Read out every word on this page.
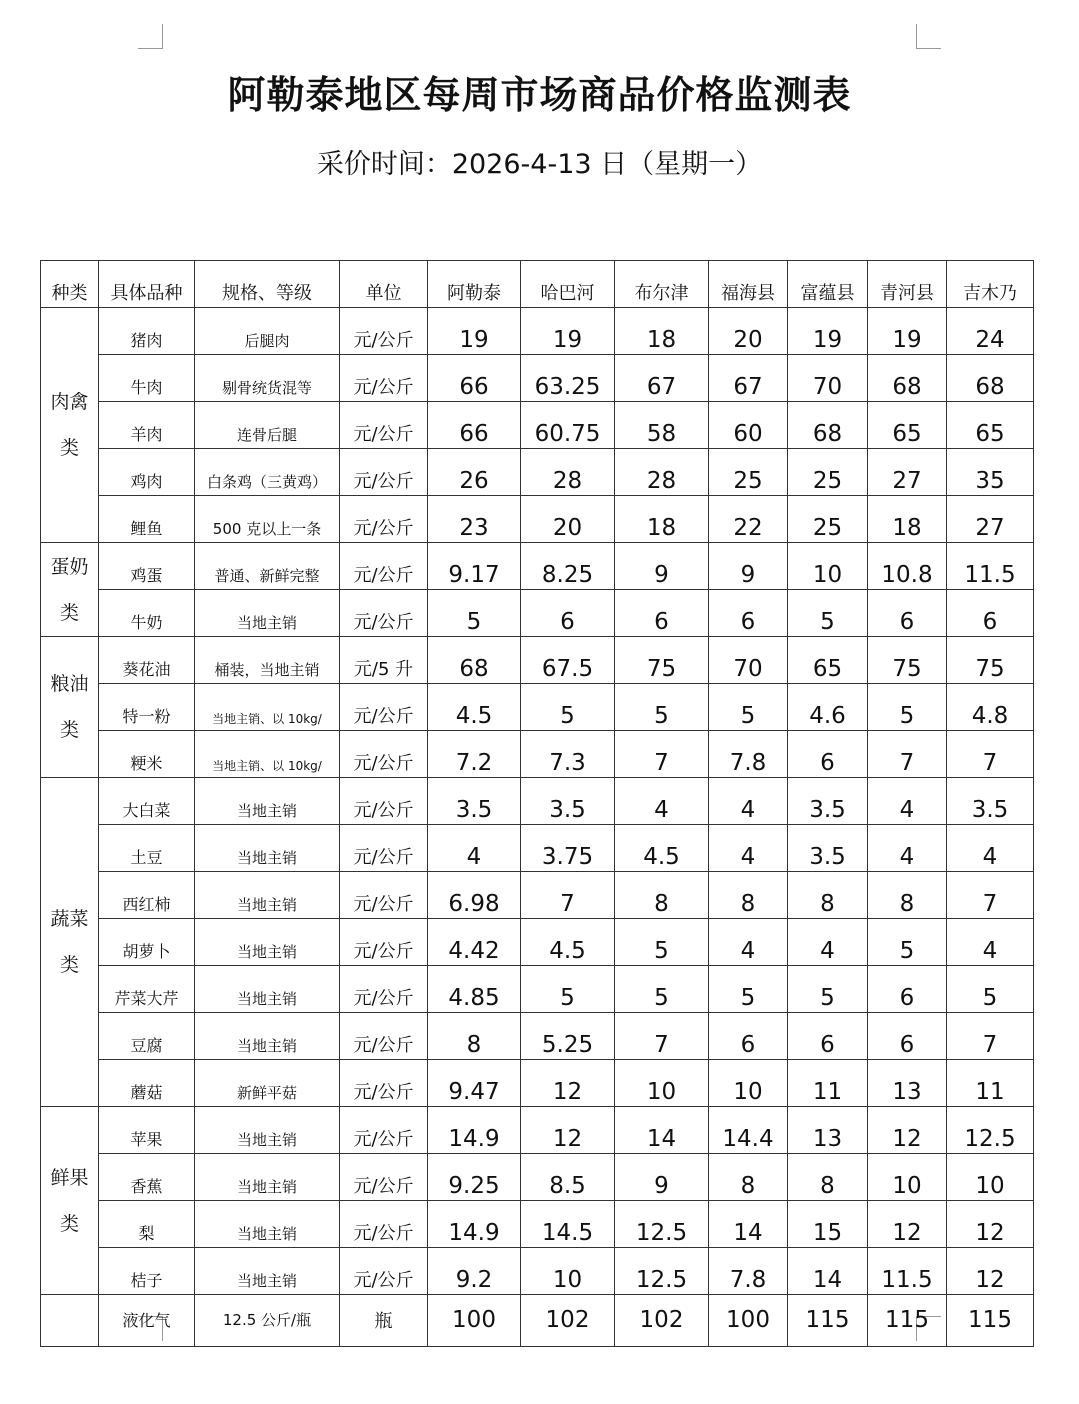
阿勒泰地区每周市场商品价格监测表
采价时间：2026-4-13 日（星期一）
种类	具体品种	规格、等级	单位	阿勒泰	哈巴河	布尔津	福海县	富蕴县	青河县	吉木乃
肉禽类	猪肉	后腿肉	元/公斤	19	19	18	20	19	19	24
	牛肉	剔骨统货混等	元/公斤	66	63.25	67	67	70	68	68
	羊肉	连骨后腿	元/公斤	66	60.75	58	60	68	65	65
	鸡肉	白条鸡（三黄鸡）	元/公斤	26	28	28	25	25	27	35
	鲤鱼	500 克以上一条	元/公斤	23	20	18	22	25	18	27
蛋奶类	鸡蛋	普通、新鲜完整	元/公斤	9.17	8.25	9	9	10	10.8	11.5
	牛奶	当地主销	元/公斤	5	6	6	6	5	6	6
粮油类	葵花油	桶装，当地主销	元/5 升	68	67.5	75	70	65	75	75
	特一粉	当地主销、以 10kg/	元/公斤	4.5	5	5	5	4.6	5	4.8
	粳米	当地主销、以 10kg/	元/公斤	7.2	7.3	7	7.8	6	7	7
蔬菜类	大白菜	当地主销	元/公斤	3.5	3.5	4	4	3.5	4	3.5
	土豆	当地主销	元/公斤	4	3.75	4.5	4	3.5	4	4
	西红柿	当地主销	元/公斤	6.98	7	8	8	8	8	7
	胡萝卜	当地主销	元/公斤	4.42	4.5	5	4	4	5	4
	芹菜大芹	当地主销	元/公斤	4.85	5	5	5	5	6	5
	豆腐	当地主销	元/公斤	8	5.25	7	6	6	6	7
	蘑菇	新鲜平菇	元/公斤	9.47	12	10	10	11	13	11
鲜果类	苹果	当地主销	元/公斤	14.9	12	14	14.4	13	12	12.5
	香蕉	当地主销	元/公斤	9.25	8.5	9	8	8	10	10
	梨	当地主销	元/公斤	14.9	14.5	12.5	14	15	12	12
	桔子	当地主销	元/公斤	9.2	10	12.5	7.8	14	11.5	12
	液化气	12.5 公斤/瓶	瓶	100	102	102	100	115	115	115
